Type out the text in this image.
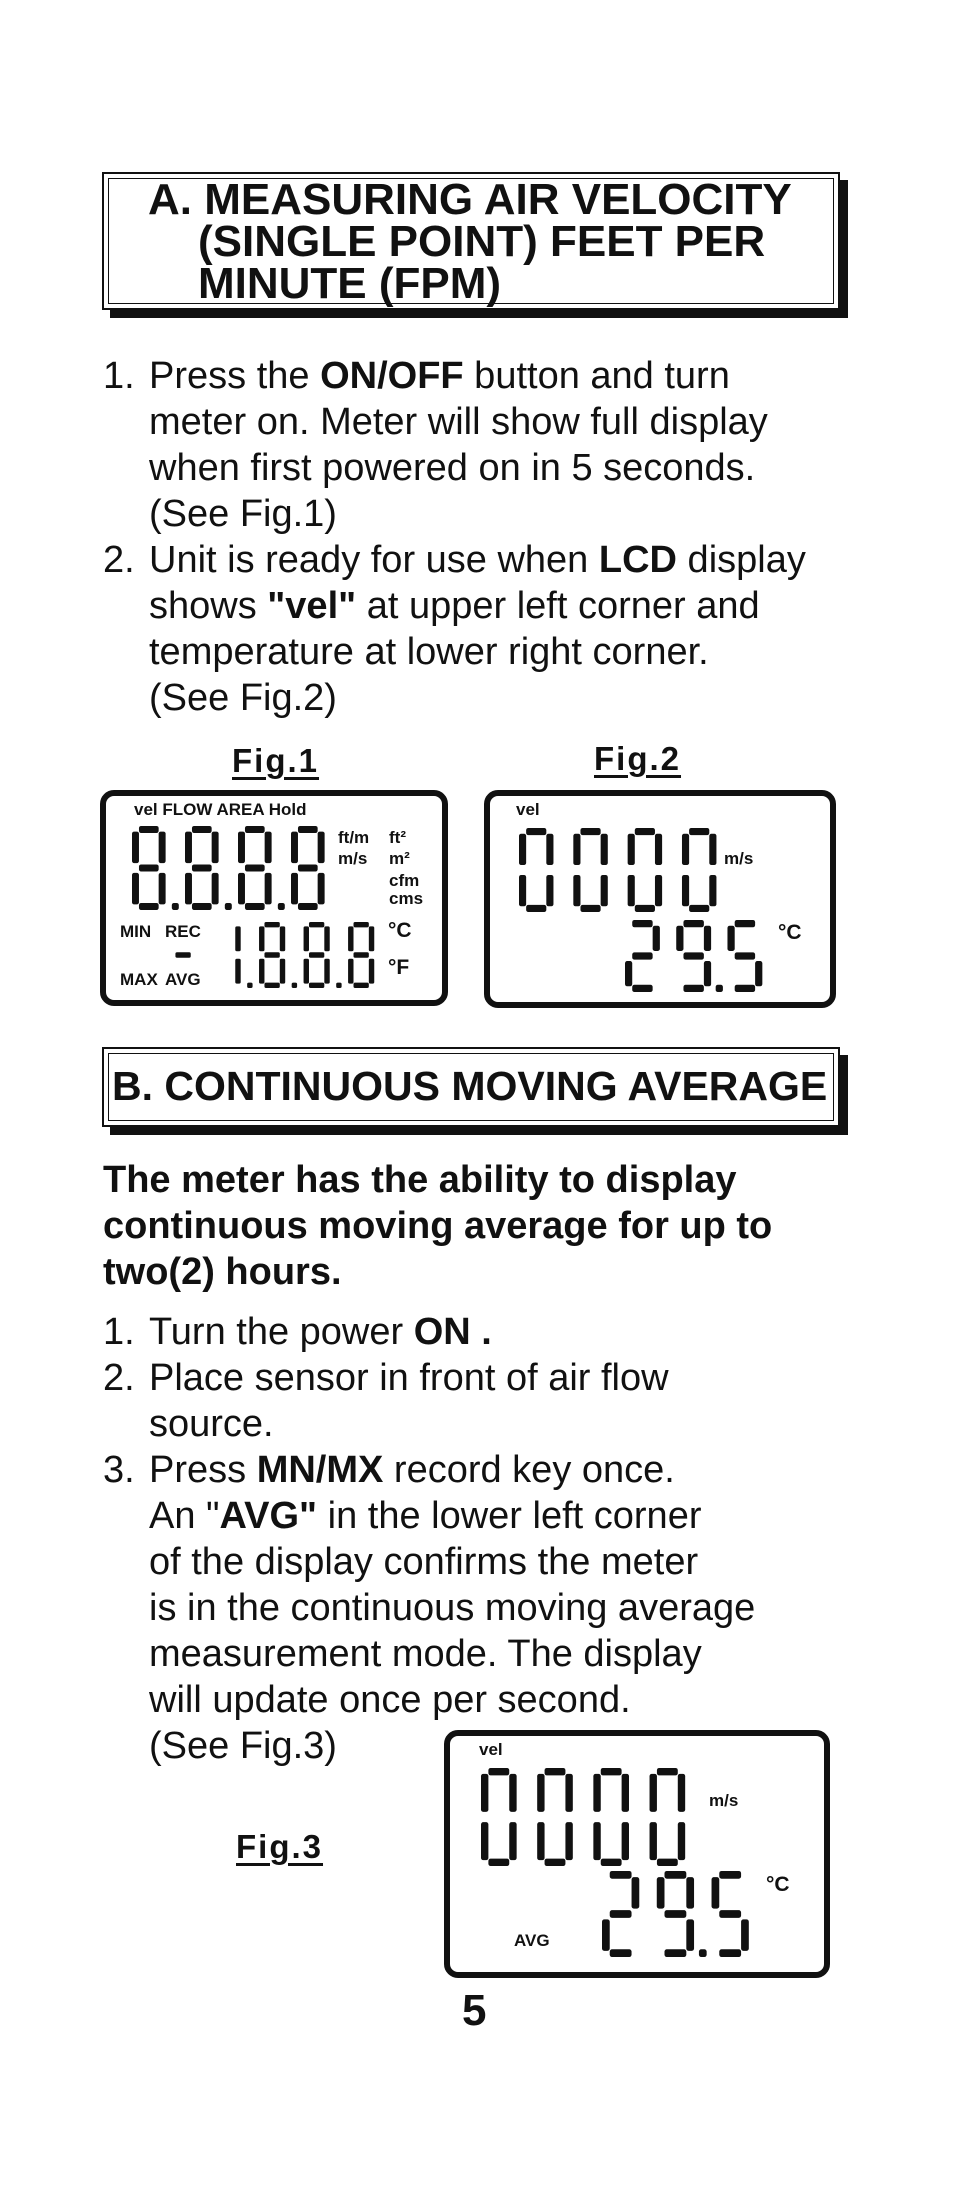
A. MEASURING AIR VELOCITY
(SINGLE POINT) FEET PER
MINUTE (FPM)
1. Press the ON/OFF button and turn
meter on. Meter will show full display
when first powered on in 5 seconds.
(See Fig.1)
2. Unit is ready for use when LCD display
shows "vel" at upper left corner and
temperature at lower right corner.
(See Fig.2)
Fig.1
vel FLOW AREA Hold
ft/m
m/s
ft²
m²
cfm
cms
MIN REC
MAX AVG
°C
°F
Fig.2
vel
m/s
°C
B. CONTINUOUS MOVING AVERAGE
The meter has the ability to display
continuous moving average for up to
two(2) hours.
1. Turn the power ON .
2. Place sensor in front of air flow
source.
3. Press MN/MX record key once.
An "AVG" in the lower left corner
of the display confirms the meter
is in the continuous moving average
measurement mode. The display
will update once per second.
(See Fig.3)
Fig.3
vel
m/s
°C
AVG
5
